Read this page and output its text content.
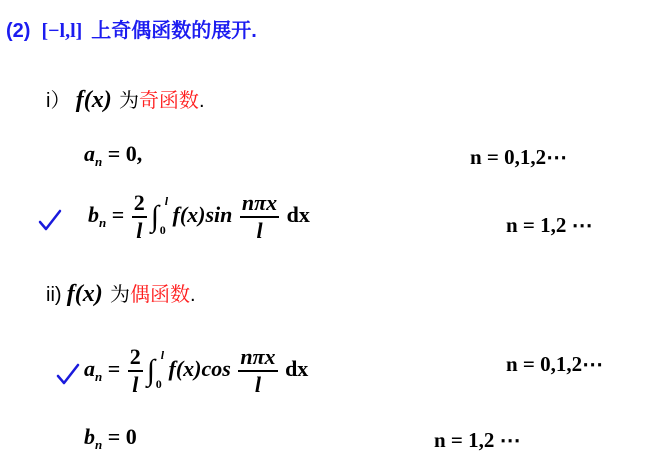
(2) [−l,l] 上奇偶函数的展开.
i） f(x) 为奇函数.
$a_n = 0$,	n = 0,1,2⋯
$b_n = \frac{2}{l}$ ∫ l
0
$f(x)\sin \frac{\text{nπx}}{l}$ dx	n = 1,2 ⋯
ii) f(x) 为偶函数.
$a_n = \frac{2}{l}$ ∫ l
0
$f(x)\cos \frac{\text{nπx}}{l}$ dx	n = 0,1,2⋯
$b_n = 0$	n = 1,2 ⋯
